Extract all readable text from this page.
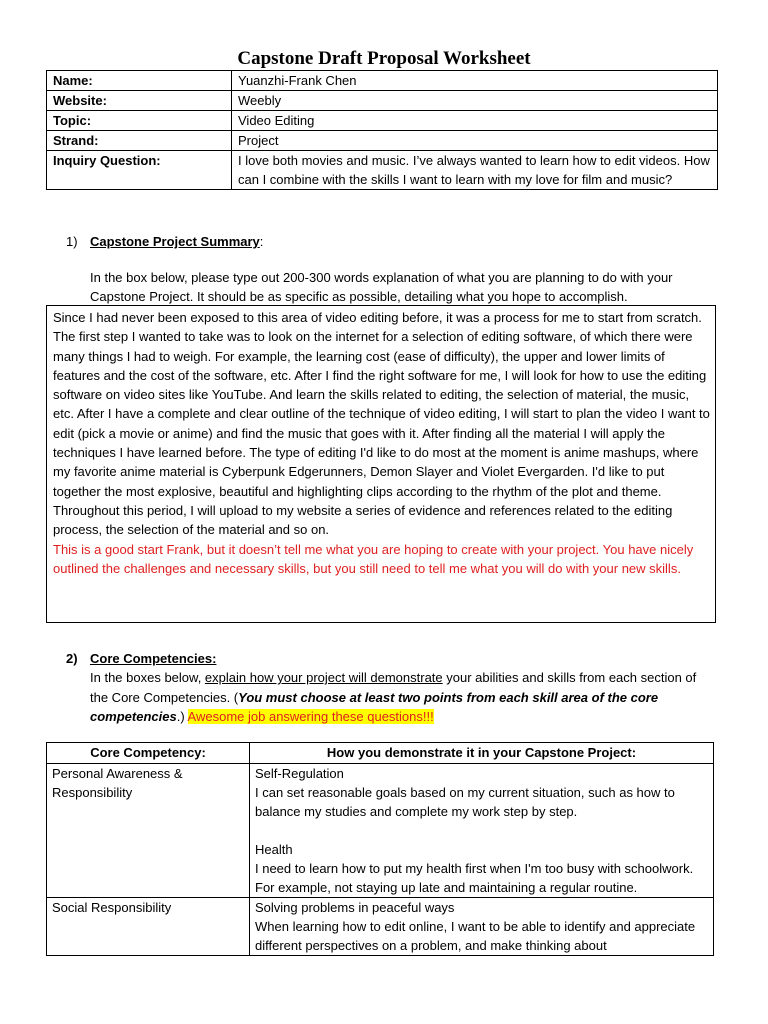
Capstone Draft Proposal Worksheet
Name:	Yuanzhi-Frank Chen
Website:	Weebly
Topic:	Video Editing
Strand:	Project
Inquiry Question:	I love both movies and music. I’ve always wanted to learn how to edit videos. How can I combine with the skills I want to learn with my love for film and music?
1) Capstone Project Summary:
In the box below, please type out 200-300 words explanation of what you are planning to do with your Capstone Project. It should be as specific as possible, detailing what you hope to accomplish.
Since I had never been exposed to this area of video editing before, it was a process for me to start from scratch. The first step I wanted to take was to look on the internet for a selection of editing software, of which there were many things I had to weigh. For example, the learning cost (ease of difficulty), the upper and lower limits of features and the cost of the software, etc. After I find the right software for me, I will look for how to use the editing software on video sites like YouTube. And learn the skills related to editing, the selection of material, the music, etc. After I have a complete and clear outline of the technique of video editing, I will start to plan the video I want to edit (pick a movie or anime) and find the music that goes with it. After finding all the material I will apply the techniques I have learned before. The type of editing I'd like to do most at the moment is anime mashups, where my favorite anime material is Cyberpunk Edgerunners, Demon Slayer and Violet Evergarden. I'd like to put together the most explosive, beautiful and highlighting clips according to the rhythm of the plot and theme. Throughout this period, I will upload to my website a series of evidence and references related to the editing process, the selection of the material and so on.
This is a good start Frank, but it doesn’t tell me what you are hoping to create with your project. You have nicely outlined the challenges and necessary skills, but you still need to tell me what you will do with your new skills.
2) Core Competencies:
In the boxes below, explain how your project will demonstrate your abilities and skills from each section of the Core Competencies. (You must choose at least two points from each skill area of the core competencies.) Awesome job answering these questions!!!
Core Competency:	How you demonstrate it in your Capstone Project:
Personal Awareness & Responsibility	Self-Regulation
I can set reasonable goals based on my current situation, such as how to balance my studies and complete my work step by step.
Health
I need to learn how to put my health first when I'm too busy with schoolwork. For example, not staying up late and maintaining a regular routine.

Social Responsibility	Solving problems in peaceful ways
When learning how to edit online, I want to be able to identify and appreciate different perspectives on a problem, and make thinking about
